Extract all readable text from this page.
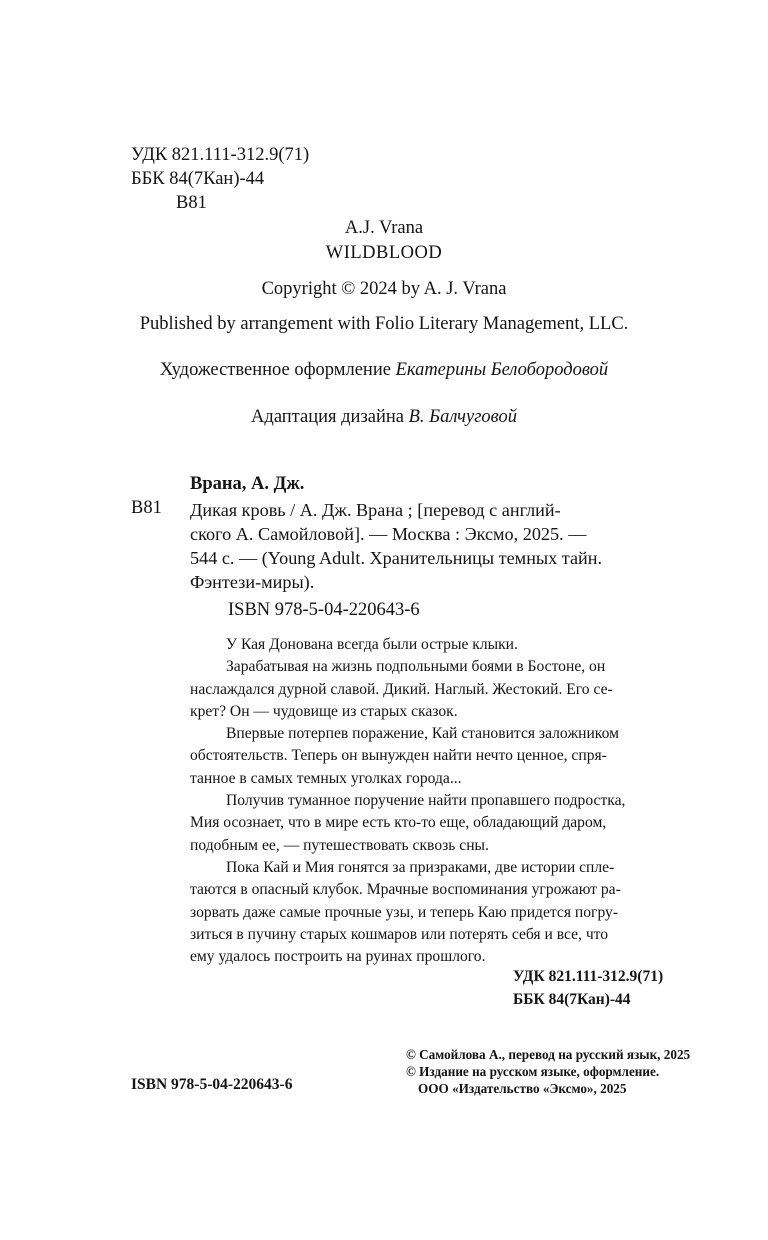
УДК 821.111-312.9(71)
ББК 84(7Кан)-44
В81
A.J. Vrana
WILDBLOOD
Copyright © 2024 by A. J. Vrana
Published by arrangement with Folio Literary Management, LLC.
Художественное оформление Екатерины Белобородовой
Адаптация дизайна В. Балчуговой
Врана, А. Дж.
В81 Дикая кровь / А. Дж. Врана ; [перевод с англий-
ского А. Самойловой]. — Москва : Эксмо, 2025. —
544 с. — (Young Adult. Хранительницы темных тайн.
Фэнтези-миры).
ISBN 978-5-04-220643-6

У Кая Донована всегда были острые клыки.

Зарабатывая на жизнь подпольными боями в Бостоне, он

наслаждался дурной славой. Дикий. Наглый. Жестокий. Его се-

крет? Он — чудовище из старых сказок.

Впервые потерпев поражение, Кай становится заложником

обстоятельств. Теперь он вынужден найти нечто ценное, спря-

танное в самых темных уголках города...

Получив туманное поручение найти пропавшего подростка,

Мия осознает, что в мире есть кто-то еще, обладающий даром,

подобным ее, — путешествовать сквозь сны.

Пока Кай и Мия гонятся за призраками, две истории спле-

таются в опасный клубок. Мрачные воспоминания угрожают ра-

зорвать даже самые прочные узы, и теперь Каю придется погру-

зиться в пучину старых кошмаров или потерять себя и все, что

ему удалось построить на руинах прошлого.

УДК 821.111-312.9(71)
ББК 84(7Кан)-44
ISBN 978-5-04-220643-6
© Самойлова А., перевод на русский язык, 2025
© Издание на русском языке, оформление.
ООО «Издательство «Эксмо», 2025
